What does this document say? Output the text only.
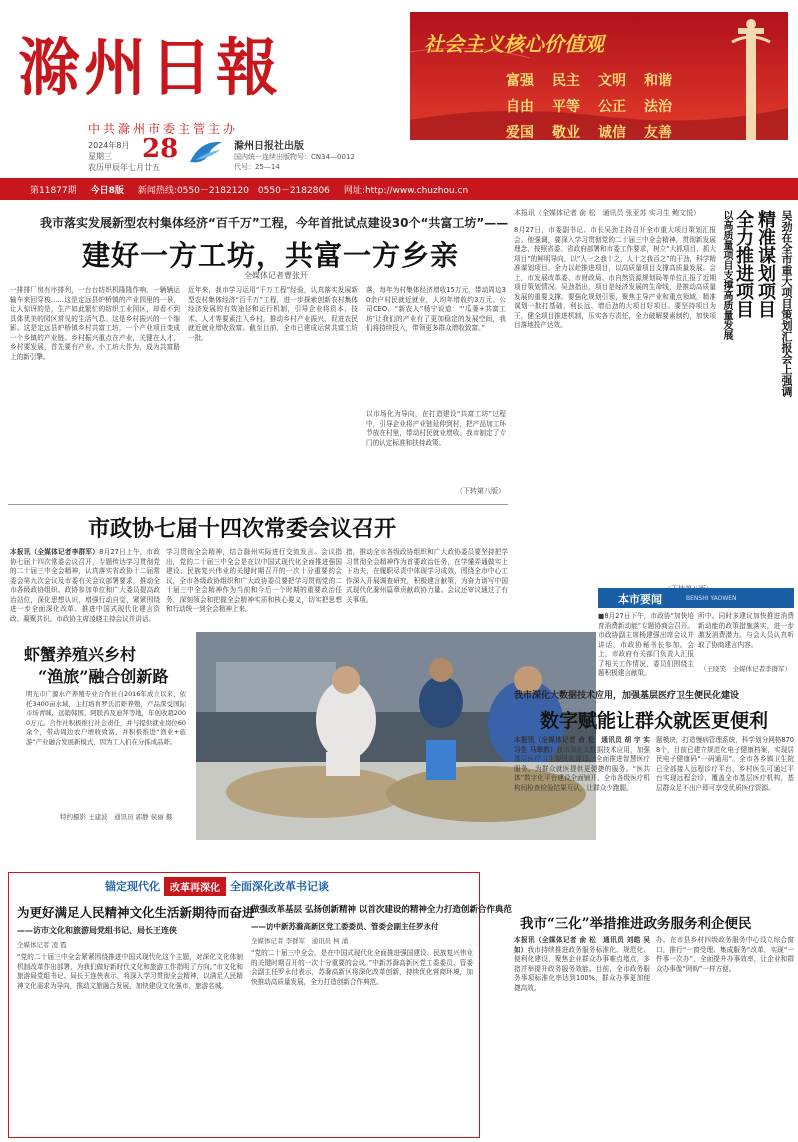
滁州日報
中共滁州市委主管主办
2024年8月
星期三
农历甲辰年七月廿五
28	滁州日报社出版
国内统一连续出版物号：CN34—0012
代号：25—14
社会主义核心价值观
富强	民主	文明	和谐
自由	平等	公正	法治
爱国	敬业	诚信	友善
第11877期 今日8版 新闻热线:0550－2182120　0550－2182806 网址:http://www.chuzhou.cn
我市落实发展新型农村集体经济“百千万”工程，今年首批试点建设30个“共富工坊”——
建好一方工坊，共富一方乡亲
全媒体记者曹张开
一排排厂房有序排列，一台台纺织机隆隆作响，一辆辆运输车来回穿梭……这是定远县炉桥镇的产业园里的一景，让人惊讶的是，生产如此繁忙的纺织工业园区，却看不到具体优美的园区常见的生活气息。这是乡村振兴的一个缩影。这是定远县炉桥镇乡村共富工坊，一个产业项目变成一个乡镇的产业链。乡村振兴重点在产业，关键在人才，乡村要发展，首先要有产业。小工坊大作为，成为共富路上的新引擎。
近年来，我市学习运用“千万工程”经验，认真落实发展新型农村集体经济“百千万”工程，进一步探索创新农村集体经济发展的有效途径和运行机制，引导企业将资本、技术、人才等要素注入乡村，推动乡村产业振兴，促进农民就近就业增收致富。截至目前，全市已建成运营共富工坊一批。
落，每年为村集体经济增收15万元，带动周边30余户村民就近就业，人均年增收约3万元。公司CEO、“新农人”杨宁说道：“‘瓜蒌+共富工坊’让我们的产业有了更加稳定的发展空间，我们将持续投入，带领更多群众增收致富。”
以市场化为导向，在打造建设“共富工坊”过程中，引导企业将产业链延伸到村，把产品加工环节放在村里，带动村民就业增收。我市制定了专门的认定标准和扶持政策。
（下转第八版）
本报讯（全媒体记者 俞 松　通讯员 张亚苏 实习生 鲍文悦）
8月27日，市委副书记、市长吴劲主持召开全市重大项目策划汇报会。他强调，要深入学习贯彻党的二十届三中全会精神，贯彻新发展理念，按照省委、省政府部署和市委工作要求，树立“大抓项目、抓大项目”的鲜明导向，以“人一之我十之，人十之我百之”的干劲，科学精准谋划项目、全力以赴推进项目，以高质量项目支撑高质量发展。会上，市发展改革委、市财政局、市自然资源规划局等单位汇报了近期项目策划情况。吴劲指出，项目是经济发展的生命线，是推动高质量发展的重要支撑。要强化规划引领，聚焦主导产业和重点领域，精准谋划一批打基础、利长远、增后劲的大项目好项目。要坚持项目为王，健全项目推进机制，压实各方责任，全力破解要素制约，加快项目落地投产达效。	吴劲在全市重大项目策划汇报会上强调
精准谋划项目
全力推进项目
以高质量项目支撑高质量发展
市政协七届十四次常委会议召开
本报讯（全媒体记者李群军）8月27日上午，市政协七届十四次常委会议召开，专题传达学习贯彻党的二十届三中全会精神，认真落实省政协十二届常委会第九次会议及市委有关会议部署要求，推动全市各级政协组织、政协参加单位和广大委员提高政治站位，深化思想认识，增强行动自觉，紧紧围绕进一步全面深化改革、推进中国式现代化建言资政、凝聚共识。市政协主席凌晓主持会议并讲话。
学习贯彻全会精神，结合滁州实际进行交流发言。会议指出，党的二十届三中全会是在以中国式现代化全面推进强国建设、民族复兴伟业的关键时期召开的一次十分重要的会议，全市各级政协组织和广大政协委员要把学习贯彻党的二十届三中全会精神作为当前和今后一个时期的重要政治任务，深刻领会和把握全会精神实质和核心要义，切实把思想和行动统一到全会精神上来。
措，推动全市各级政协组织和广大政协委员要坚持把学习贯彻全会精神作为首要政治任务，在学懂弄通做实上下功夫，在履职尽责中体现学习成效，围绕全市中心工作深入开展调查研究，积极建言献策，为奋力谱写中国式现代化滁州篇章贡献政协力量。会议还审议通过了有关事项。	本市要闻	BENSHI YAOWEN
■8月27日下午，市政协“加快培育消费新动能”专题协商会召开。市政协副主席杨建强出席会议并讲话，市政协秘书长参加。会上，市政府有关部门负责人汇报了相关工作情况，委员们围绕主题积极建言献策。
所中。同时多建议加快推进消费新动能的政策措施落实，进一步激发消费潜力。与会人员认真听取了协商建言内容。
（王晓笑　全媒体记者李群军）
虾蟹养殖兴乡村
“渔旅”融合创新路
明光市广源水产养殖专业合作社自2016年成立以来，依托3400亩水域，主打培育罗氏沼虾养殖，产品深受国际市场青睐，远销韩国、阿联酋及迪拜等地，年创收超2000万元。合作社积极推行社会责任，并与提供就业岗位60余个，带动周边农户增收致富，并积极推进“渔业+旅游”产业融合发展新模式，因为工人们在分拣成品虾。
特约摄影 王建波　通讯员 郭静 侯丽 摄
我市深化大数据技术应用，加强基层医疗卫生便民化建设
数字赋能让群众就医更便利
本报讯（全媒体记者 俞 松　通讯员 胡 宇 实习生 马翠然）我市深化大数据技术应用，加强基层医疗卫生便民化建设，全面推进智慧医疗服务，为群众就医提供更便捷的服务。“医共体”数字化平台建设全面铺开，全市各级医疗机构间检查检验结果互认，让群众少跑腿。
题模块，打造慢病管理系统，科学划分网格8708个，目前已建立规范化电子健康档案，实现居民电子健康码“一码通用”。全市各乡镇卫生院已全部接入远程诊疗平台，乡村医生可通过平台实现远程会诊，覆盖全市基层医疗机构，基层群众足不出户即可享受优质医疗资源。
锚定现代化	改革再深化 全面深化改革书记谈
为更好满足人民精神文化生活新期待而奋进
——访市文化和旅游局党组书记、局长王连侠
全媒体记者 凌 霞
“党的二十届三中全会紧紧围绕推进中国式现代化这个主题，对深化文化体制机制改革作出部署，为我们做好新时代文化和旅游工作指明了方向。”市文化和旅游局党组书记、局长王连侠表示，将深入学习贯彻全会精神，以满足人民精神文化需求为导向，推动文旅融合发展，加快建设文化强市、旅游名城。
做强改革基层 弘扬创新精神 以首次建设的精神全力打造创新合作典范
——访中新苏滁高新区党工委委员、管委会副主任罗永付
全媒体记者 李群军　通讯员 柯 涌
“党的二十届三中全会，是在中国式现代化全面推进强国建设、民族复兴伟业的关键时期召开的一次十分重要的会议。”中新苏滁高新区党工委委员、管委会副主任罗永付表示，苏滁高新区将深化改革创新，持续优化营商环境，加快推动高质量发展，全力打造创新合作典范。
我市“三化”举措推进政务服务利企便民
本报讯（全媒体记者 俞 松　通讯员 刘皓 吴如）我市持续推进政务服务标准化、规范化、便利化建设，聚焦企业群众办事难点堵点，多措并举提升政务服务效能。目前，全市政务服务事项标准化率达到100%，群众办事更加便捷高效。
办。在市县乡村四级政务服务中心设立综合窗口，推行“一窗受理、集成服务”改革，实现“一件事一次办”，全面提升办事效率，让企业和群众办事像“网购”一样方便。
